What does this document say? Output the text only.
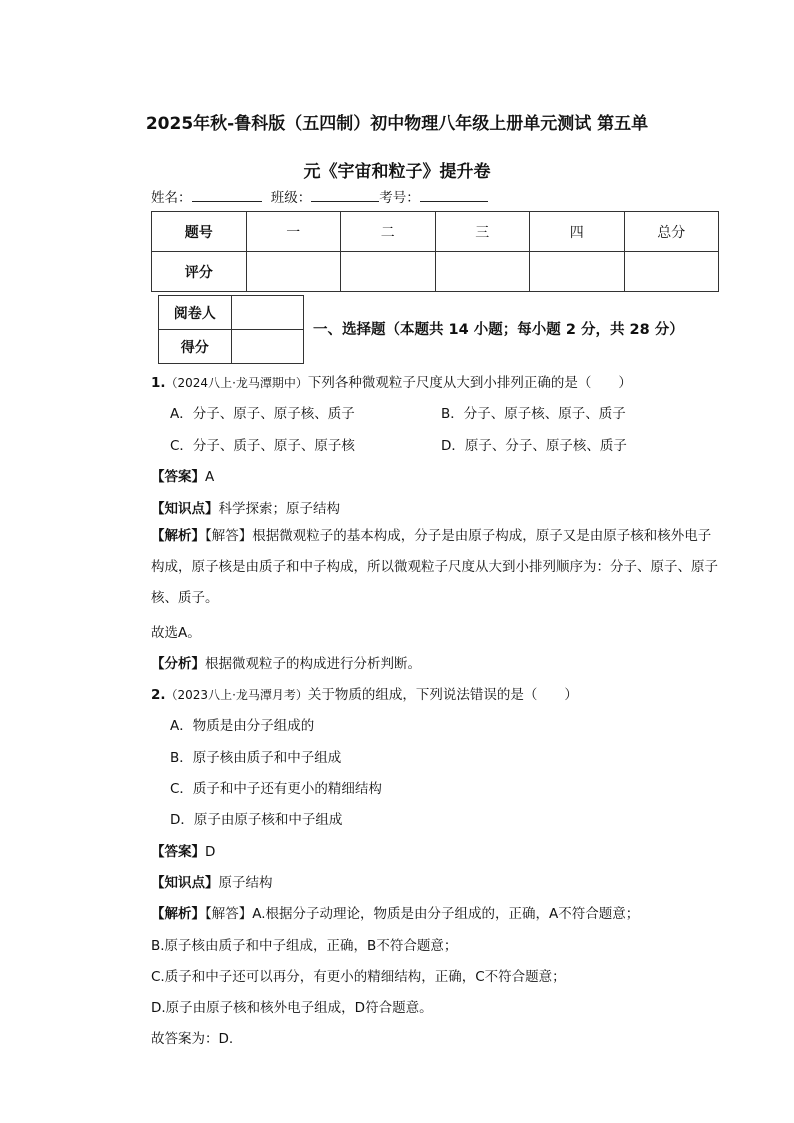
2025年秋-鲁科版（五四制）初中物理八年级上册单元测试 第五单
元《宇宙和粒子》提升卷
姓名：	班级：	考号：
题号	一	二	三	四	总分
评分					
阅卷人	
得分	
一、选择题（本题共 14 小题；每小题 2 分，共 28 分）
1.（2024八上·龙马潭期中）下列各种微观粒子尺度从大到小排列正确的是（　　）
A．分子、原子、原子核、质子	B．分子、原子核、原子、质子
C．分子、质子、原子、原子核	D．原子、分子、原子核、质子
【答案】A
【知识点】科学探索；原子结构
【解析】【解答】根据微观粒子的基本构成，分子是由原子构成，原子又是由原子核和核外电子构成，原子核是由质子和中子构成，所以微观粒子尺度从大到小排列顺序为：分子、原子、原子核、质子。
故选A。
【分析】根据微观粒子的构成进行分析判断。
2.（2023八上·龙马潭月考）关于物质的组成，下列说法错误的是（　　）
A．物质是由分子组成的
B．原子核由质子和中子组成
C．质子和中子还有更小的精细结构
D．原子由原子核和中子组成
【答案】D
【知识点】原子结构
【解析】【解答】A.根据分子动理论，物质是由分子组成的，正确，A不符合题意；
B.原子核由质子和中子组成，正确，B不符合题意；
C.质子和中子还可以再分，有更小的精细结构，正确，C不符合题意；
D.原子由原子核和核外电子组成，D符合题意。
故答案为：D.
